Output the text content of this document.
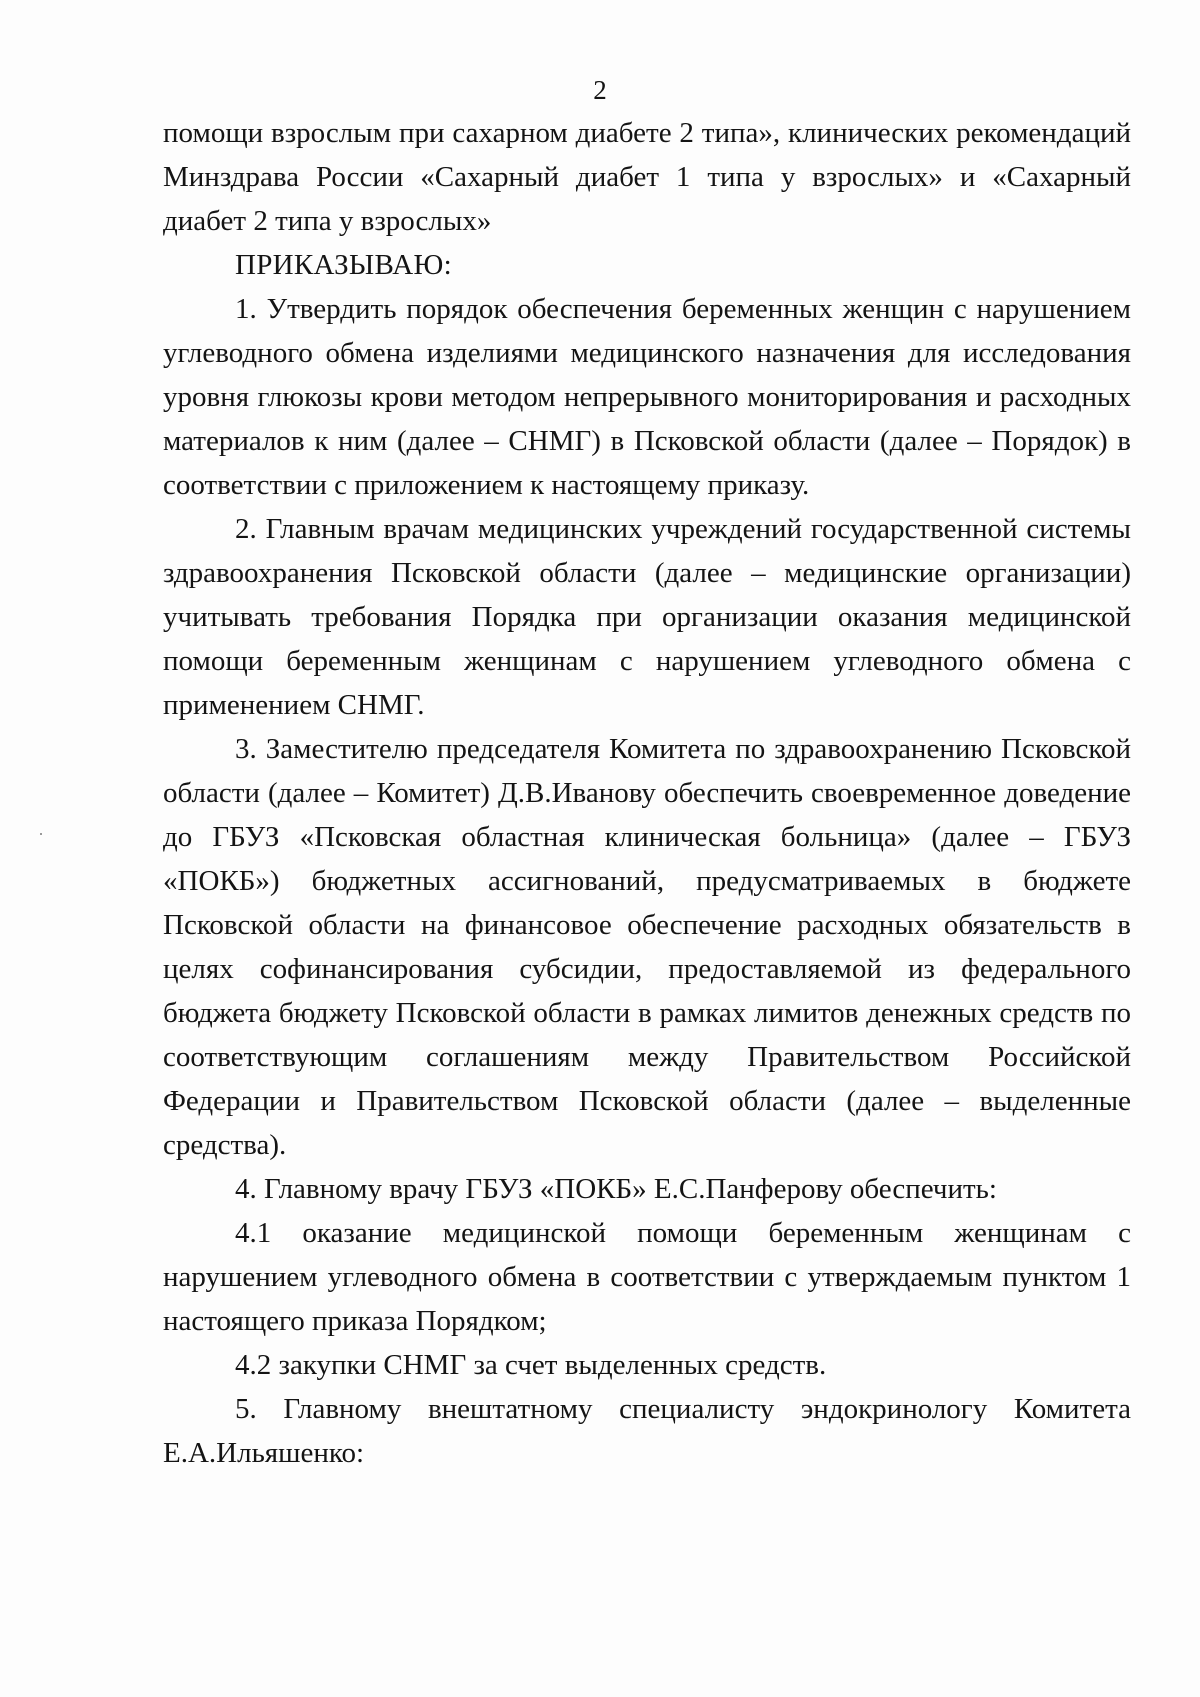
2

помощи взрослым при сахарном диабете 2 типа», клинических рекомендаций Минздрава России «Сахарный диабет 1 типа у взрослых» и «Сахарный диабет 2 типа у взрослых»

ПРИКАЗЫВАЮ:

1. Утвердить порядок обеспечения беременных женщин с нарушением углеводного обмена изделиями медицинского назначения для исследования уровня глюкозы крови методом непрерывного мониторирования и расходных материалов к ним (далее – СНМГ) в Псковской области (далее – Порядок) в соответствии с приложением к настоящему приказу.

2. Главным врачам медицинских учреждений государственной системы здравоохранения Псковской области (далее – медицинские организации) учитывать требования Порядка при организации оказания медицинской помощи беременным женщинам с нарушением углеводного обмена с применением СНМГ.

3. Заместителю председателя Комитета по здравоохранению Псковской области (далее – Комитет) Д.В.Иванову обеспечить своевременное доведение до ГБУЗ «Псковская областная клиническая больница» (далее – ГБУЗ «ПОКБ») бюджетных ассигнований, предусматриваемых в бюджете Псковской области на финансовое обеспечение расходных обязательств в целях софинансирования субсидии, предоставляемой из федерального бюджета бюджету Псковской области в рамках лимитов денежных средств по соответствующим соглашениям между Правительством Российской Федерации и Правительством Псковской области (далее – выделенные средства).

4. Главному врачу ГБУЗ «ПОКБ» Е.С.Панферову обеспечить:

4.1 оказание медицинской помощи беременным женщинам с нарушением углеводного обмена в соответствии с утверждаемым пунктом 1 настоящего приказа Порядком;

4.2 закупки СНМГ за счет выделенных средств.

5. Главному внештатному специалисту эндокринологу Комитета Е.А.Ильяшенко:
